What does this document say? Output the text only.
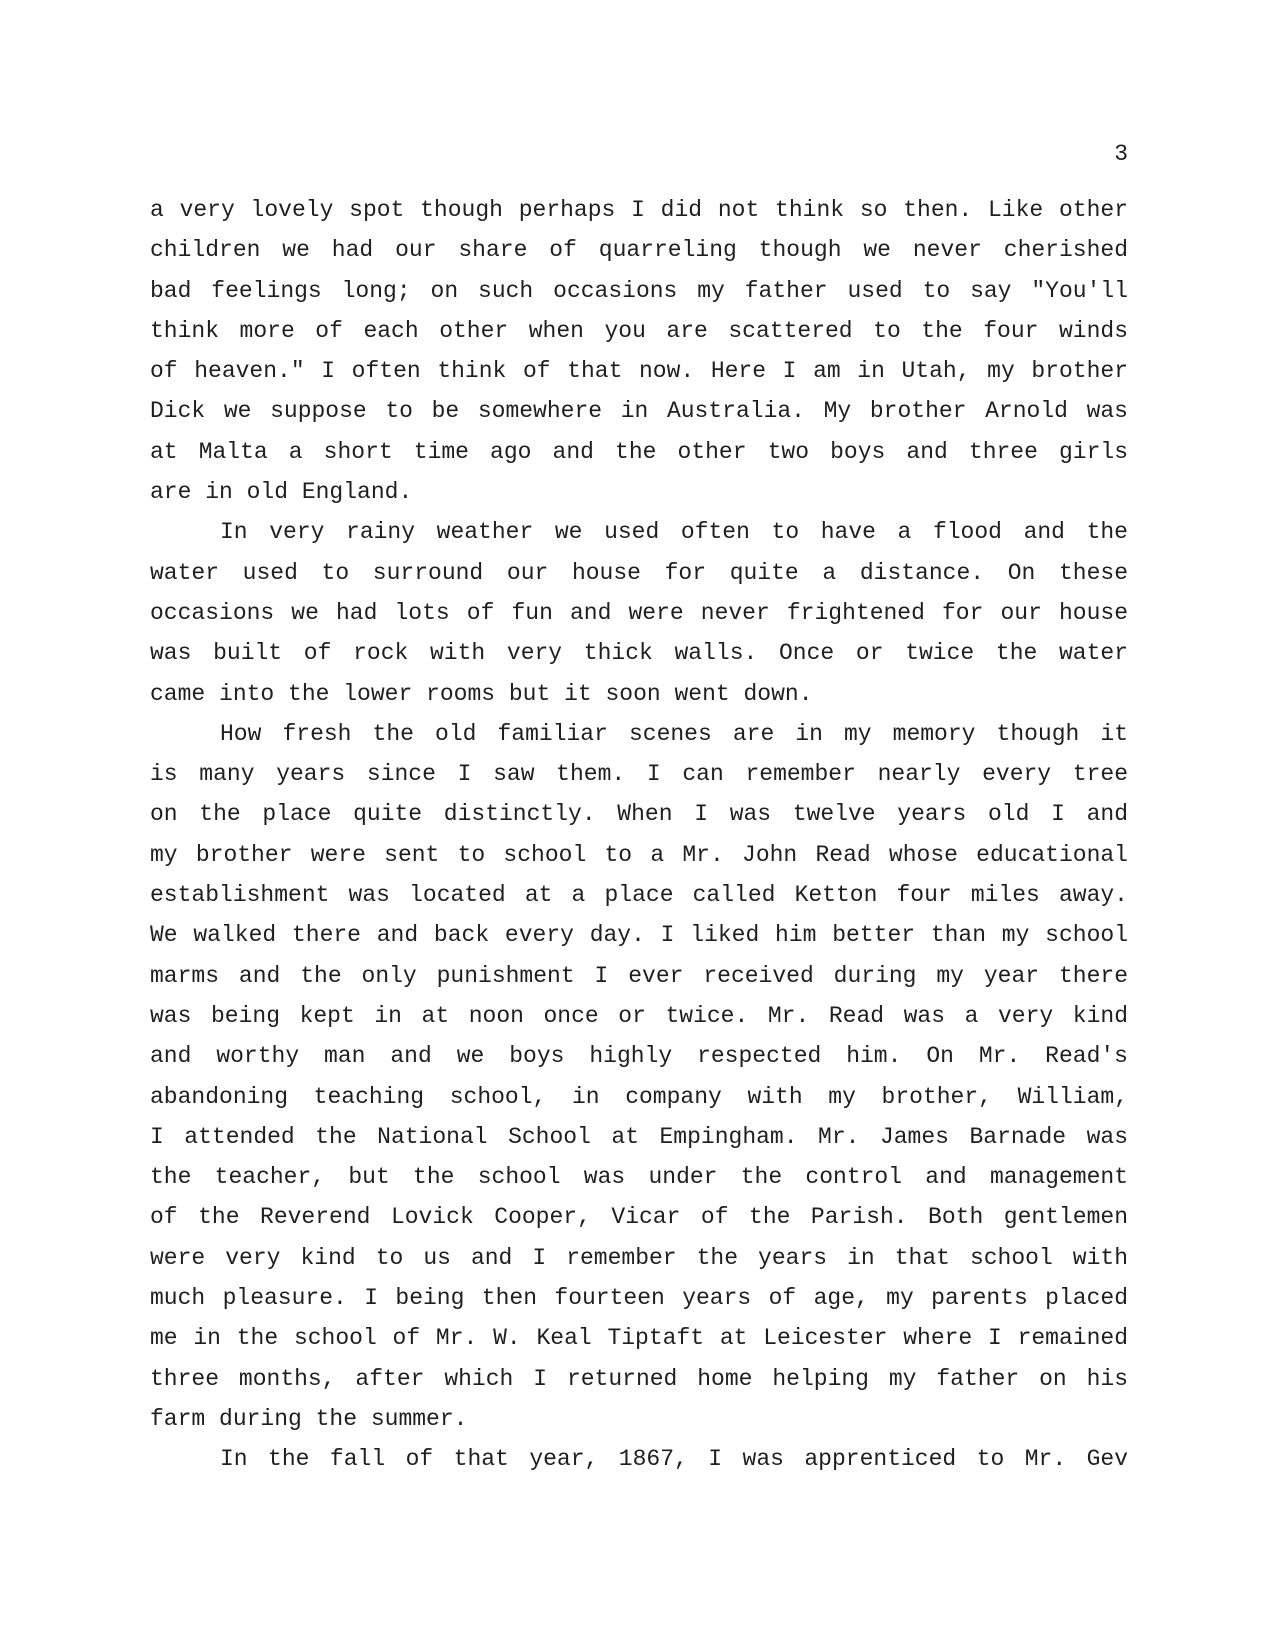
3
a very lovely spot though perhaps I did not think so then. Like other
children we had our share of quarreling though we never cherished
bad feelings long; on such occasions my father used to say "You'll
think more of each other when you are scattered to the four winds
of heaven." I often think of that now. Here I am in Utah, my brother
Dick we suppose to be somewhere in Australia. My brother Arnold was
at Malta a short time ago and the other two boys and three girls
are in old England.
In very rainy weather we used often to have a flood and the
water used to surround our house for quite a distance. On these
occasions we had lots of fun and were never frightened for our house
was built of rock with very thick walls. Once or twice the water
came into the lower rooms but it soon went down.
How fresh the old familiar scenes are in my memory though it
is many years since I saw them. I can remember nearly every tree
on the place quite distinctly. When I was twelve years old I and
my brother were sent to school to a Mr. John Read whose educational
establishment was located at a place called Ketton four miles away.
We walked there and back every day. I liked him better than my school
marms and the only punishment I ever received during my year there
was being kept in at noon once or twice. Mr. Read was a very kind
and worthy man and we boys highly respected him. On Mr. Read's
abandoning teaching school, in company with my brother, William,
I attended the National School at Empingham. Mr. James Barnade was
the teacher, but the school was under the control and management
of the Reverend Lovick Cooper, Vicar of the Parish. Both gentlemen
were very kind to us and I remember the years in that school with
much pleasure. I being then fourteen years of age, my parents placed
me in the school of Mr. W. Keal Tiptaft at Leicester where I remained
three months, after which I returned home helping my father on his
farm during the summer.
In the fall of that year, 1867, I was apprenticed to Mr. Gev
